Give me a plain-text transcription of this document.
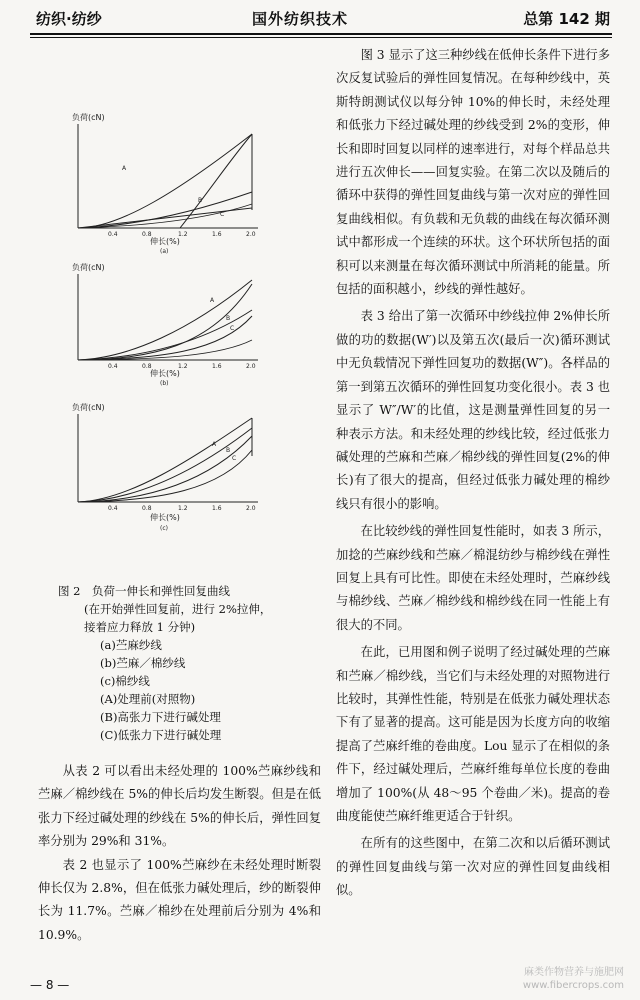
纺织·纺纱	国外纺织技术	总第 142 期
负荷(cN)
A
B
C
0.4	0.8	1.2	1.6	2.0
伸长(%)
(a)
负荷(cN)
A
B
C
0.4	0.8	1.2	1.6	2.0
伸长(%)
(b)
负荷(cN)
A
B
C
0.4	0.8	1.2	1.6	2.0
伸长(%)
(c)
图 2　负荷一伸长和弹性回复曲线
(在开始弹性回复前，进行 2%拉伸，
接着应力释放 1 分钟)
(a)苎麻纱线
(b)苎麻／棉纱线
(c)棉纱线
(A)处理前(对照物)
(B)高张力下进行碱处理
(C)低张力下进行碱处理

从表 2 可以看出未经处理的 100%苎麻纱线和苎麻／棉纱线在 5%的伸长后均发生断裂。但是在低张力下经过碱处理的纱线在 5%的伸长后，弹性回复率分别为 29%和 31%。

表 2 也显示了 100%苎麻纱在未经处理时断裂伸长仅为 2.8%，但在低张力碱处理后，纱的断裂伸长为 11.7%。苎麻／棉纱在处理前后分别为 4%和 10.9%。

图 3 显示了这三种纱线在低伸长条件下进行多次反复试验后的弹性回复情况。在每种纱线中，英斯特朗测试仪以每分钟 10%的伸长时，未经处理和低张力下经过碱处理的纱线受到 2%的变形，伸长和即时回复以同样的速率进行，对每个样品总共进行五次伸长——回复实验。在第二次以及随后的循环中获得的弹性回复曲线与第一次对应的弹性回复曲线相似。有负载和无负载的曲线在每次循环测试中都形成一个连续的环状。这个环状所包括的面积可以来测量在每次循环测试中所消耗的能量。所包括的面积越小，纱线的弹性越好。

表 3 给出了第一次循环中纱线拉伸 2%伸长所做的功的数据(W′)以及第五次(最后一次)循环测试中无负载情况下弹性回复功的数据(W″)。各样品的第一到第五次循环的弹性回复功变化很小。表 3 也显示了 W″/W′的比值，这是测量弹性回复的另一种表示方法。和未经处理的纱线比较，经过低张力碱处理的苎麻和苎麻／棉纱线的弹性回复(2%的伸长)有了很大的提高，但经过低张力碱处理的棉纱线只有很小的影响。

在比较纱线的弹性回复性能时，如表 3 所示，加捻的苎麻纱线和苎麻／棉混纺纱与棉纱线在弹性回复上具有可比性。即使在未经处理时，苎麻纱线与棉纱线、苎麻／棉纱线和棉纱线在同一性能上有很大的不同。

在此，已用图和例子说明了经过碱处理的苎麻和苎麻／棉纱线，当它们与未经处理的对照物进行比较时，其弹性性能，特别是在低张力碱处理状态下有了显著的提高。这可能是因为长度方向的收缩提高了苎麻纤维的卷曲度。Lou 显示了在相似的条件下，经过碱处理后，苎麻纤维每单位长度的卷曲增加了 100%(从 48～95 个卷曲／米)。提高的卷曲度能使苎麻纤维更适合于针织。

在所有的这些图中，在第二次和以后循环测试的弹性回复曲线与第一次对应的弹性回复曲线相似。

— 8 —
麻类作物营养与施肥网
www.fibercrops.com
